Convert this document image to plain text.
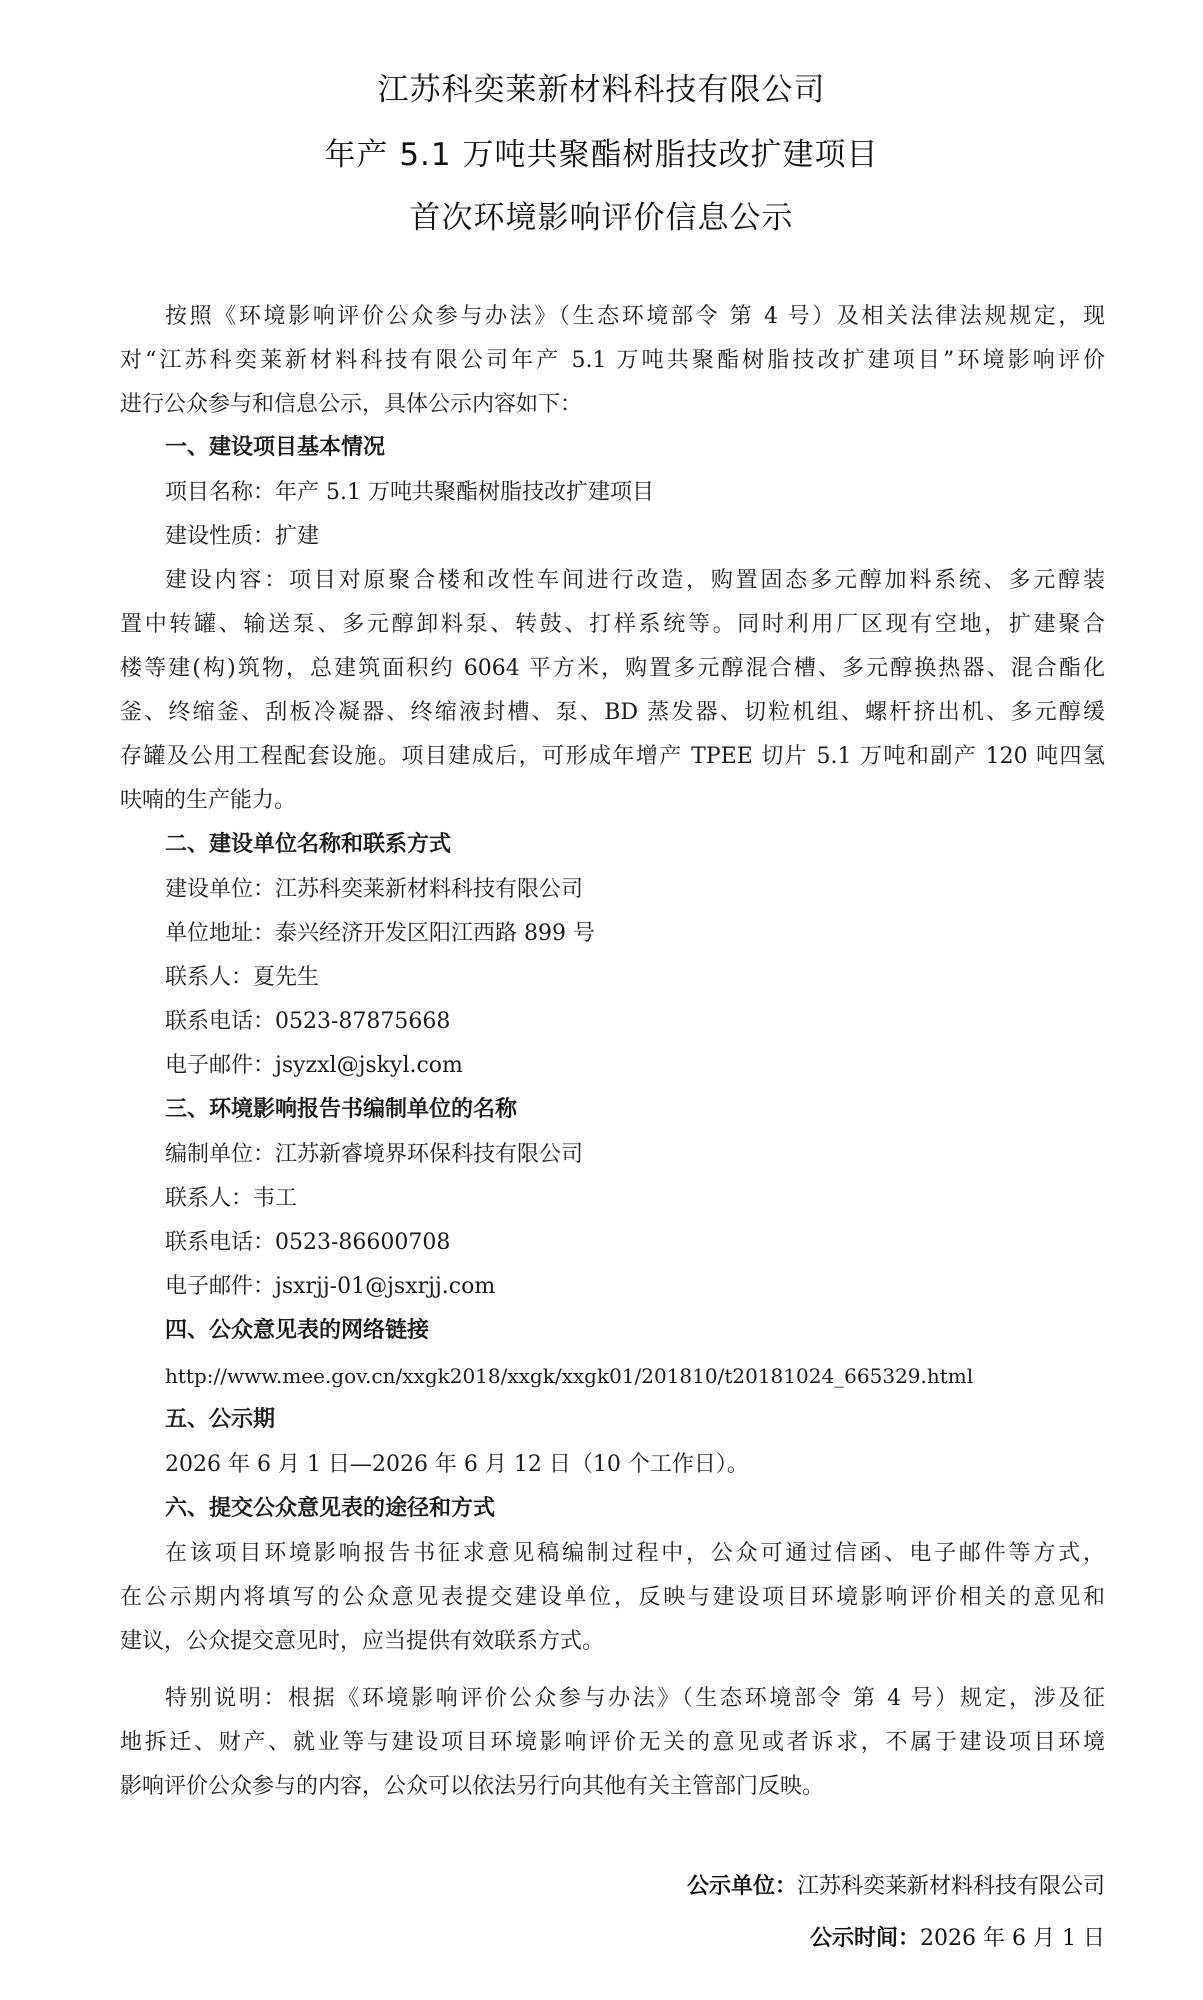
江苏科奕莱新材料科技有限公司
年产 5.1 万吨共聚酯树脂技改扩建项目
首次环境影响评价信息公示
按照《环境影响评价公众参与办法》（生态环境部令 第 4 号）及相关法律法规规定，现
对“江苏科奕莱新材料科技有限公司年产 5.1 万吨共聚酯树脂技改扩建项目”环境影响评价
进行公众参与和信息公示，具体公示内容如下：
一、建设项目基本情况
项目名称：年产 5.1 万吨共聚酯树脂技改扩建项目
建设性质：扩建
建设内容：项目对原聚合楼和改性车间进行改造，购置固态多元醇加料系统、多元醇装
置中转罐、输送泵、多元醇卸料泵、转鼓、打样系统等。同时利用厂区现有空地，扩建聚合
楼等建(构)筑物，总建筑面积约 6064 平方米，购置多元醇混合槽、多元醇换热器、混合酯化
釜、终缩釜、刮板冷凝器、终缩液封槽、泵、BD 蒸发器、切粒机组、螺杆挤出机、多元醇缓
存罐及公用工程配套设施。项目建成后，可形成年增产 TPEE 切片 5.1 万吨和副产 120 吨四氢
呋喃的生产能力。
二、建设单位名称和联系方式
建设单位：江苏科奕莱新材料科技有限公司
单位地址：泰兴经济开发区阳江西路 899 号
联系人：夏先生
联系电话：0523-87875668
电子邮件：jsyzxl@jskyl.com
三、环境影响报告书编制单位的名称
编制单位：江苏新睿境界环保科技有限公司
联系人：韦工
联系电话：0523-86600708
电子邮件：jsxrjj-01@jsxrjj.com
四、公众意见表的网络链接
http://www.mee.gov.cn/xxgk2018/xxgk/xxgk01/201810/t20181024_665329.html
五、公示期
2026 年 6 月 1 日—2026 年 6 月 12 日（10 个工作日）。
六、提交公众意见表的途径和方式
在该项目环境影响报告书征求意见稿编制过程中，公众可通过信函、电子邮件等方式，
在公示期内将填写的公众意见表提交建设单位，反映与建设项目环境影响评价相关的意见和
建议，公众提交意见时，应当提供有效联系方式。
特别说明：根据《环境影响评价公众参与办法》（生态环境部令 第 4 号）规定，涉及征
地拆迁、财产、就业等与建设项目环境影响评价无关的意见或者诉求，不属于建设项目环境
影响评价公众参与的内容，公众可以依法另行向其他有关主管部门反映。
公示单位：江苏科奕莱新材料科技有限公司
公示时间：2026 年 6 月 1 日
